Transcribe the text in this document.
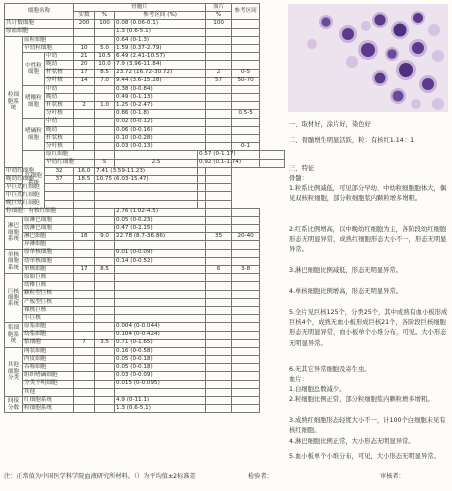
细胞名称			骨髓片				血片	参考区间	
			实数	%	参考区间 (%)		%		
共计数细胞			200	100	0.08 (0.06-0.1)		100		
原血细胞					1.3 (0.6-5.1)				
粒细胞系统	原粒细胞				0.64 (0-1.3)				
	早幼粒细胞		10	5.0	1.59 (0.37-2.79)				
	中性粒细胞	中幼	21	10.5	6.49 (2.41-10.57)				
		晚幼	20	10.0	7.9 (3.96-11.84)				
		杆状核	17	8.5	23.72 (16.72-30.72)		2	0-5	
		分叶核	14	7.0	9.44 (3.6-15.28)		57	50-70	
	嗜酸粒细胞	中幼			0.38 (0-0.84)				
		晚幼			0.49 (0-1.13)				
		杆状核	2	1.0	1.25 (0-2.47)				
		分叶核			0.86 (0-1.8)			0.5-5	
	嗜碱粒细胞	中幼			0.02 (0-0.12)				
		晚幼			0.06 (0-0.16)				
		杆状核			0.10 (0-0.28)				
		分叶核			0.03 (0-0.13)			0-1	
	红细胞系统	原红细胞				0.57 (0-1.17)			
		早幼红细胞		5	2.5	0.92 (0.1-1.74)			
中幼红细胞		32	16.0	7.41 (3.59-11.23)					
晚幼红细胞		37	18.5	10.75 (6.03-15.47)					
早巨幼红细胞									
中巨幼红细胞									
晚巨幼红细胞									
粒细胞：有核红细胞					2.76 (1.02-4.5)				
淋巴细胞系统	原淋巴细胞				0.05 (0-0.23)				
	幼淋巴细胞				0.47 (0-2.15)				
	淋巴细胞		18	9.0	22.78 (8.7-36.86)		35	20-40	
	异淋细胞								
单核细胞系统	原单核细胞				0.01 (0-0.09)				
	幼单核细胞				0.14 (0-0.52)				
	单核细胞		17	8.5			6	3-8	
巨核细胞系统	原始巨核								
	幼稚巨核								
	颗粒型巨核								
	产板型巨核								
	裸核巨核								
	小巨核								
浆细胞系统	原浆细胞				0.004 (0-0.044)				
	幼浆细胞				0.104 (0-0.424)				
	浆细胞		7	3.5	0.71 (0-1.65)				
其他细胞分类	网状细胞				0.16 (0-0.58)				
	内皮细胞				0.05 (0-0.18)				
	吞噬细胞				0.05 (0-0.18)				
	组织嗜碱细胞				0.03 (0-0.09)				
	分类不明细胞				0.015 (0-0.095)				
	其他								
间接分数	红细胞系统				4.9 (0-11.1)				
	粒细胞系统				1.3 (0.6-5.1)				
一、取材好，涂片好，染色好
二、骨髓增生明显活跃，粒：有核红1.14：1
三、特征
骨髓：
1.粒系比例减低，可见部分早幼、中幼粒细胞胞体大，偶见双核粒细胞，部分粒细胞浆内颗粒增多增粗。
2.红系比例增高，以中晚幼红细胞为主，各阶段幼红细胞形态无明显异常，成熟红细胞形态大小不一，形态无明显异常。
3.淋巴细胞比例减低，形态无明显异常。
4.单核细胞比例增高，形态无明显异常。
5.全片见巨核125个，分类25个，其中成熟有血小板形成巨核4个，成熟无血小板形成巨核21个，各阶段巨核细胞形态无明显异常，血小板单个小堆分布，可见。大小形态无明显异常。
6.无其它异常细胞及寄生虫。
血片：
1.白细胞总数减少。
2.粒细胞比例正常，部分粒细胞浆内颗粒增多增粗。
3.成熟红细胞形态轻度大小不一，计100个白细胞未见有核红细胞。
4.淋巴细胞比例正常，大小形态无明显异常。
5.血小板单个小堆分布，可见，大小形态无明显异常。
注：正常值为中国医学科学院血液研究所材料。（）为平均值±2标准差	检验者：	审核者：
